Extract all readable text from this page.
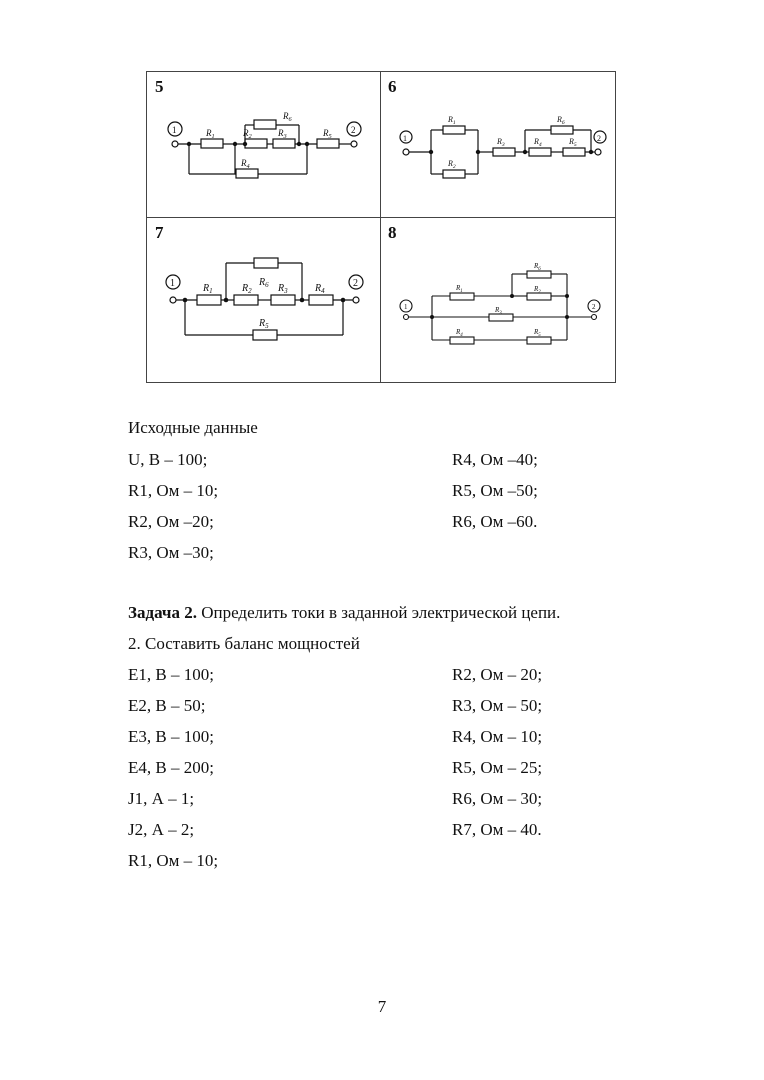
5
1	2
$R_1$	$R_2$	$R_3$
$R_4$
$R_5$
$R_6$
6
1	2
$R_1$
$R_2$
$R_3$	$R_4$	$R_5$
$R_6$
7
1	2
$R_1$	$R_2$	$R_3$	$R_4$
$R_5$
$R_6$
8
1	2
$R_1$	$R_2$
$R_3$
$R_4$	$R_5$
$R_6$
Исходные данные
U, В – 100;
R1, Ом – 10;
R2, Ом –20;
R3, Ом –30;
R4, Ом –40;
R5, Ом –50;
R6, Ом –60.
Задача 2. Определить токи в заданной электрической цепи.
2. Составить баланс мощностей
E1, В – 100;
E2, В – 50;
E3, В – 100;
E4, В – 200;
J1, А – 1;
J2, А – 2;
R1, Ом – 10;
R2, Ом – 20;
R3, Ом – 50;
R4, Ом – 10;
R5, Ом – 25;
R6, Ом – 30;
R7, Ом – 40.
7
